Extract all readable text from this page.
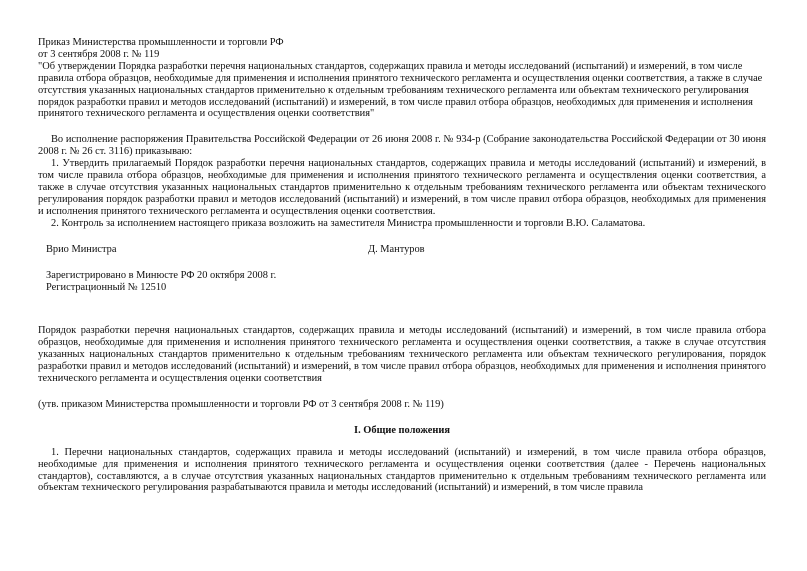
Приказ Министерства промышленности и торговли РФ

от 3 сентября 2008 г. № 119

"Об утверждении Порядка разработки перечня национальных стандартов, содержащих правила и методы исследований (испытаний) и измерений, в том числе правила отбора образцов, необходимые для применения и исполнения принятого технического регламента и осуществления оценки соответствия, а также в случае отсутствия указанных национальных стандартов применительно к отдельным требованиям технического регламента или объектам технического регулирования порядок разработки правил и методов исследований (испытаний) и измерений, в том числе правил отбора образцов, необходимых для применения и исполнения принятого технического регламента и осуществления оценки соответствия"

Во исполнение распоряжения Правительства Российской Федерации от 26 июня 2008 г. № 934-р (Собрание законодательства Российской Федерации от 30 июня 2008 г. № 26 ст. 3116) приказываю:

1. Утвердить прилагаемый Порядок разработки перечня национальных стандартов, содержащих правила и методы исследований (испытаний) и измерений, в том числе правила отбора образцов, необходимые для применения и исполнения принятого технического регламента и осуществления оценки соответствия, а также в случае отсутствия указанных национальных стандартов применительно к отдельным требованиям технического регламента или объектам технического регулирования порядок разработки правил и методов исследований (испытаний) и измерений, в том числе правил отбора образцов, необходимых для применения и исполнения принятого технического регламента и осуществления оценки соответствия.

2. Контроль за исполнением настоящего приказа возложить на заместителя Министра промышленности и торговли В.Ю. Саламатова.

Врио Министра	Д. Мантуров

Зарегистрировано в Минюсте РФ 20 октября 2008 г.

Регистрационный № 12510

Порядок разработки перечня национальных стандартов, содержащих правила и методы исследований (испытаний) и измерений, в том числе правила отбора образцов, необходимые для применения и исполнения принятого технического регламента и осуществления оценки соответствия, а также в случае отсутствия указанных национальных стандартов применительно к отдельным требованиям технического регламента или объектам технического регулирования, порядок разработки правил и методов исследований (испытаний) и измерений, в том числе правил отбора образцов, необходимых для применения и исполнения принятого технического регламента и осуществления оценки соответствия

(утв. приказом Министерства промышленности и торговли РФ от 3 сентября 2008 г. № 119)

I. Общие положения

1. Перечни национальных стандартов, содержащих правила и методы исследований (испытаний) и измерений, в том числе правила отбора образцов, необходимые для применения и исполнения принятого технического регламента и осуществления оценки соответствия (далее - Перечень национальных стандартов), составляются, а в случае отсутствия указанных национальных стандартов применительно к отдельным требованиям технического регламента или объектам технического регулирования разрабатываются правила и методы исследований (испытаний) и измерений, в том числе правила
